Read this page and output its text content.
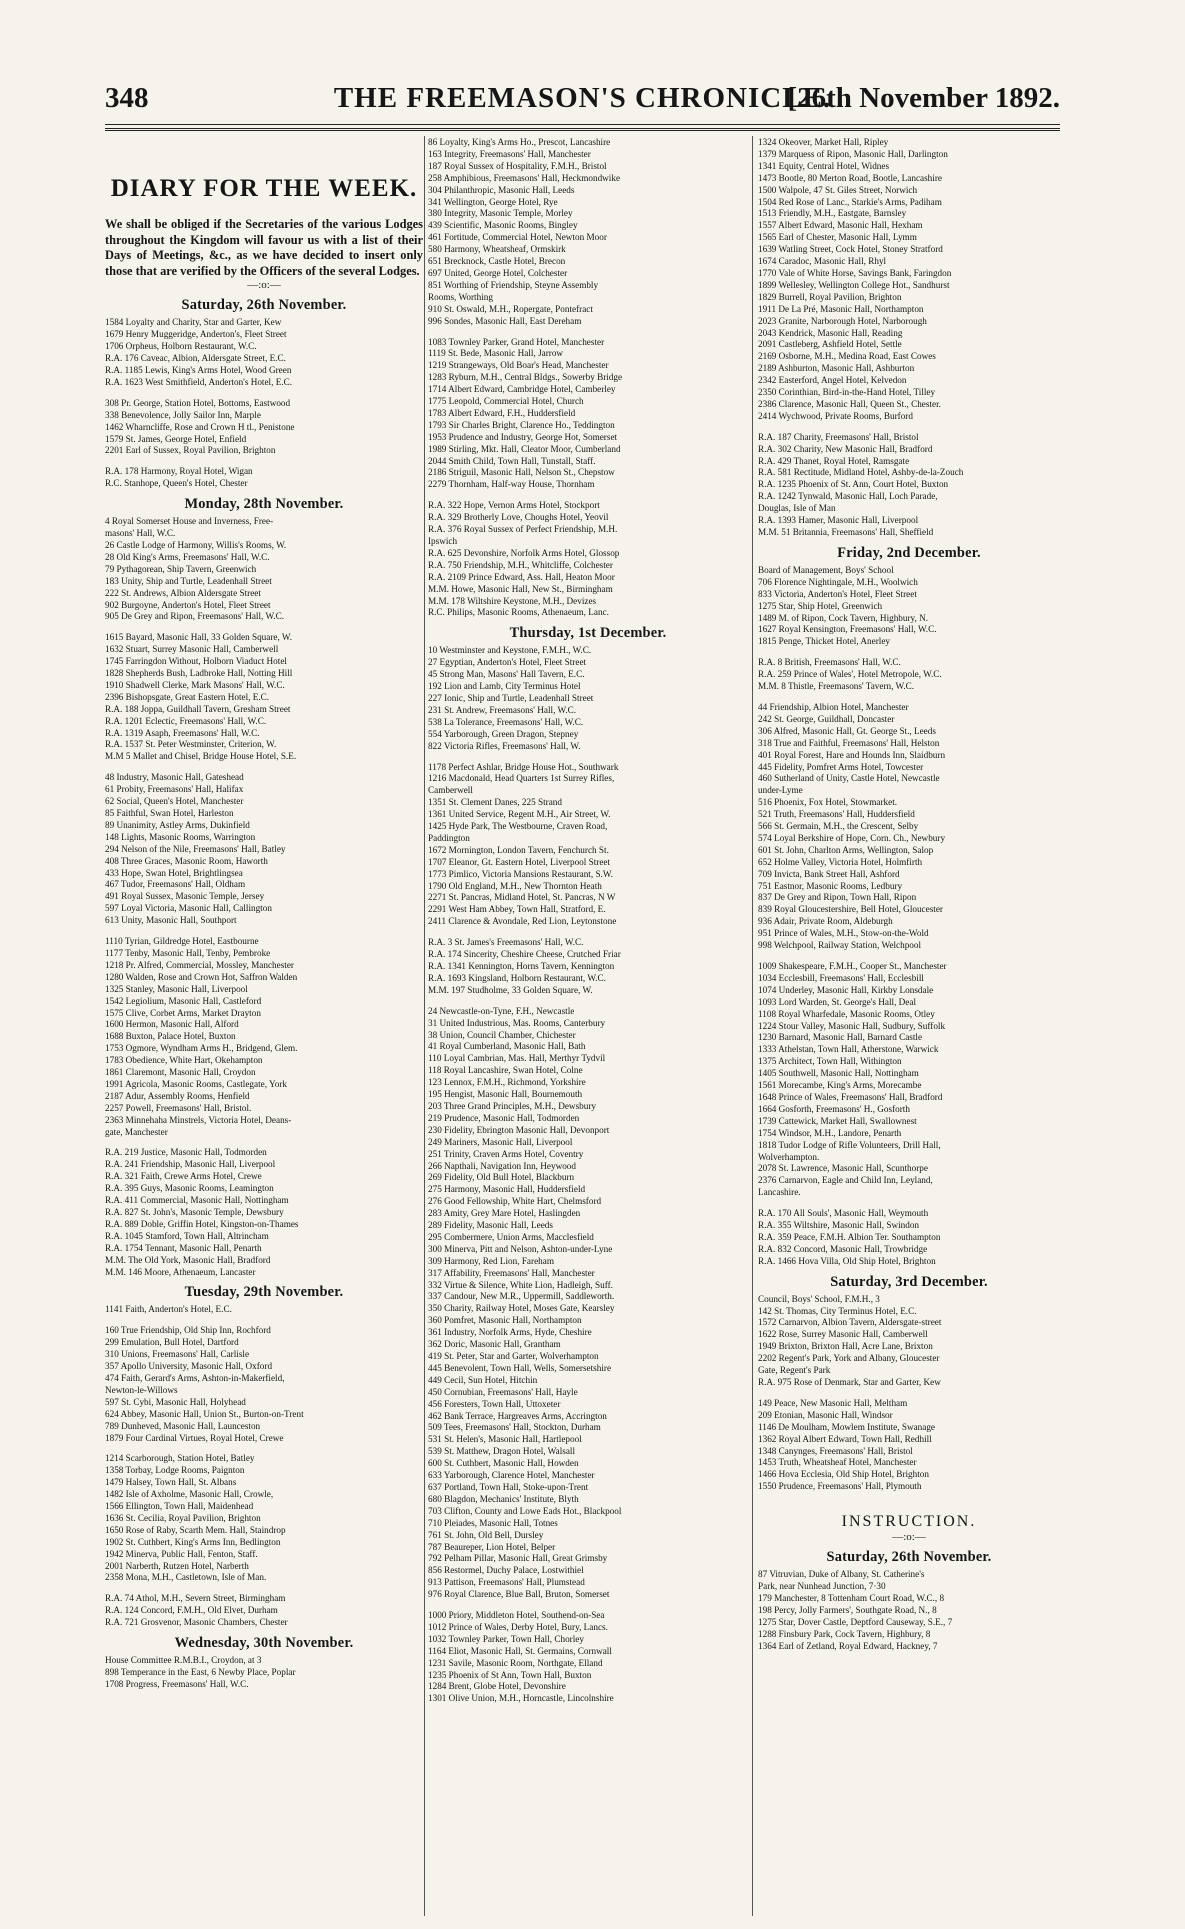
THE FREEMASON'S CHRONICLE.
348	[26th November 1892.
DIARY FOR THE WEEK.
We shall be obliged if the Secretaries of the various Lodges throughout the Kingdom will favour us with a list of their Days of Meetings, &c., as we have decided to insert only those that are verified by the Officers of the several Lodges.
—:o:—
Saturday, 26th November.
1584 Loyalty and Charity, Star and Garter, Kew
1679 Henry Muggeridge, Anderton's, Fleet Street
1706 Orpheus, Holborn Restaurant, W.C.
R.A. 176 Caveac, Albion, Aldersgate Street, E.C.
R.A. 1185 Lewis, King's Arms Hotel, Wood Green
R.A. 1623 West Smithfield, Anderton's Hotel, E.C.
308 Pr. George, Station Hotel, Bottoms, Eastwood
338 Benevolence, Jolly Sailor Inn, Marple
1462 Wharncliffe, Rose and Crown H tl., Penistone
1579 St. James, George Hotel, Enfield
2201 Earl of Sussex, Royal Pavilion, Brighton
R.A. 178 Harmony, Royal Hotel, Wigan
R.C. Stanhope, Queen's Hotel, Chester
Monday, 28th November.
4 Royal Somerset House and Inverness, Free-
masons' Hall, W.C.
26 Castle Lodge of Harmony, Willis's Rooms, W.
28 Old King's Arms, Freemasons' Hall, W.C.
79 Pythagorean, Ship Tavern, Greenwich
183 Unity, Ship and Turtle, Leadenhall Street
222 St. Andrews, Albion Aldersgate Street
902 Burgoyne, Anderton's Hotel, Fleet Street
905 De Grey and Ripon, Freemasons' Hall, W.C.
1615 Bayard, Masonic Hall, 33 Golden Square, W.
1632 Stuart, Surrey Masonic Hall, Camberwell
1745 Farringdon Without, Holborn Viaduct Hotel
1828 Shepherds Bush, Ladbroke Hall, Notting Hill
1910 Shadwell Clerke, Mark Masons' Hall, W.C.
2396 Bishopsgate, Great Eastern Hotel, E.C.
R.A. 188 Joppa, Guildhall Tavern, Gresham Street
R.A. 1201 Eclectic, Freemasons' Hall, W.C.
R.A. 1319 Asaph, Freemasons' Hall, W.C.
R.A. 1537 St. Peter Westminster, Criterion, W.
M.M 5 Mallet and Chisel, Bridge House Hotel, S.E.
48 Industry, Masonic Hall, Gateshead
61 Probity, Freemasons' Hall, Halifax
62 Social, Queen's Hotel, Manchester
85 Faithful, Swan Hotel, Harleston
89 Unanimity, Astley Arms, Dukinfield
148 Lights, Masonic Rooms, Warrington
294 Nelson of the Nile, Freemasons' Hall, Batley
408 Three Graces, Masonic Room, Haworth
433 Hope, Swan Hotel, Brightlingsea
467 Tudor, Freemasons' Hall, Oldham
491 Royal Sussex, Masonic Temple, Jersey
597 Loyal Victoria, Masonic Hall, Callington
613 Unity, Masonic Hall, Southport
1110 Tyrian, Gildredge Hotel, Eastbourne
1177 Tenby, Masonic Hall, Tenby, Pembroke
1218 Pr. Alfred, Commercial, Mossley, Manchester
1280 Walden, Rose and Crown Hot, Saffron Walden
1325 Stanley, Masonic Hall, Liverpool
1542 Legiolium, Masonic Hall, Castleford
1575 Clive, Corbet Arms, Market Drayton
1600 Hermon, Masonic Hall, Alford
1688 Buxton, Palace Hotel, Buxton
1753 Ogmore, Wyndham Arms H., Bridgend, Glem.
1783 Obedience, White Hart, Okehampton
1861 Claremont, Masonic Hall, Croydon
1991 Agricola, Masonic Rooms, Castlegate, York
2187 Adur, Assembly Rooms, Henfield
2257 Powell, Freemasons' Hall, Bristol.
2363 Minnehaha Minstrels, Victoria Hotel, Deans-
gate, Manchester
R.A. 219 Justice, Masonic Hall, Todmorden
R.A. 241 Friendship, Masonic Hall, Liverpool
R.A. 321 Faith, Crewe Arms Hotel, Crewe
R.A. 395 Guys, Masonic Rooms, Leamington
R.A. 411 Commercial, Masonic Hall, Nottingham
R.A. 827 St. John's, Masonic Temple, Dewsbury
R.A. 889 Doble, Griffin Hotel, Kingston-on-Thames
R.A. 1045 Stamford, Town Hall, Altrincham
R.A. 1754 Tennant, Masonic Hall, Penarth
M.M. The Old York, Masonic Hall, Bradford
M.M. 146 Moore, Athenaeum, Lancaster
Tuesday, 29th November.
1141 Faith, Anderton's Hotel, E.C.
160 True Friendship, Old Ship Inn, Rochford
299 Emulation, Bull Hotel, Dartford
310 Unions, Freemasons' Hall, Carlisle
357 Apollo University, Masonic Hall, Oxford
474 Faith, Gerard's Arms, Ashton-in-Makerfield,
Newton-le-Willows
597 St. Cybi, Masonic Hall, Holyhead
624 Abbey, Masonic Hall, Union St., Burton-on-Trent
789 Dunheved, Masonic Hall, Launceston
1879 Four Cardinal Virtues, Royal Hotel, Crewe
1214 Scarborough, Station Hotel, Batley
1358 Torbay, Lodge Rooms, Paignton
1479 Halsey, Town Hall, St. Albans
1482 Isle of Axholme, Masonic Hall, Crowle,
1566 Ellington, Town Hall, Maidenhead
1636 St. Cecilia, Royal Pavilion, Brighton
1650 Rose of Raby, Scarth Mem. Hall, Staindrop
1902 St. Cuthbert, King's Arms Inn, Bedlington
1942 Minerva, Public Hall, Fenton, Staff.
2001 Narberth, Rutzen Hotel, Narberth
2358 Mona, M.H., Castletown, Isle of Man.
R.A. 74 Athol, M.H., Severn Street, Birmingham
R.A. 124 Concord, F.M.H., Old Elvet, Durham
R.A. 721 Grosvenor, Masonic Chambers, Chester
Wednesday, 30th November.
House Committee R.M.B.I., Croydon, at 3
898 Temperance in the East, 6 Newby Place, Poplar
1708 Progress, Freemasons' Hall, W.C.
86 Loyalty, King's Arms Ho., Prescot, Lancashire
163 Integrity, Freemasons' Hall, Manchester
187 Royal Sussex of Hospitality, F.M.H., Bristol
258 Amphibious, Freemasons' Hall, Heckmondwike
304 Philanthropic, Masonic Hall, Leeds
341 Wellington, George Hotel, Rye
380 Integrity, Masonic Temple, Morley
439 Scientific, Masonic Rooms, Bingley
461 Fortitude, Commercial Hotel, Newton Moor
580 Harmony, Wheatsheaf, Ormskirk
651 Brecknock, Castle Hotel, Brecon
697 United, George Hotel, Colchester
851 Worthing of Friendship, Steyne Assembly
Rooms, Worthing
910 St. Oswald, M.H., Ropergate, Pontefract
996 Sondes, Masonic Hall, East Dereham
1083 Townley Parker, Grand Hotel, Manchester
1119 St. Bede, Masonic Hall, Jarrow
1219 Strangeways, Old Boar's Head, Manchester
1283 Ryburn, M.H., Central Bldgs., Sowerby Bridge
1714 Albert Edward, Cambridge Hotel, Camberley
1775 Leopold, Commercial Hotel, Church
1783 Albert Edward, F.H., Huddersfield
1793 Sir Charles Bright, Clarence Ho., Teddington
1953 Prudence and Industry, George Hot, Somerset
1989 Stirling, Mkt. Hall, Cleator Moor, Cumberland
2044 Smith Child, Town Hall, Tunstall, Staff.
2186 Striguil, Masonic Hall, Nelson St., Chepstow
2279 Thornham, Half-way House, Thornham
R.A. 322 Hope, Vernon Arms Hotel, Stockport
R.A. 329 Brotherly Love, Choughs Hotel, Yeovil
R.A. 376 Royal Sussex of Perfect Friendship, M.H.
Ipswich
R.A. 625 Devonshire, Norfolk Arms Hotel, Glossop
R.A. 750 Friendship, M.H., Whitcliffe, Colchester
R.A. 2109 Prince Edward, Ass. Hall, Heaton Moor
M.M. Howe, Masonic Hall, New St., Birmingham
M.M. 178 Wiltshire Keystone, M.H., Devizes
R.C. Philips, Masonic Rooms, Athenaeum, Lanc.
Thursday, 1st December.
10 Westminster and Keystone, F.M.H., W.C.
27 Egyptian, Anderton's Hotel, Fleet Street
45 Strong Man, Masons' Hall Tavern, E.C.
192 Lion and Lamb, City Terminus Hotel
227 Ionic, Ship and Turtle, Leadenhall Street
231 St. Andrew, Freemasons' Hall, W.C.
538 La Tolerance, Freemasons' Hall, W.C.
554 Yarborough, Green Dragon, Stepney
822 Victoria Rifles, Freemasons' Hall, W.
1178 Perfect Ashlar, Bridge House Hot., Southwark
1216 Macdonald, Head Quarters 1st Surrey Rifles,
Camberwell
1351 St. Clement Danes, 225 Strand
1361 United Service, Regent M.H., Air Street, W.
1425 Hyde Park, The Westbourne, Craven Road,
Paddington
1672 Mornington, London Tavern, Fenchurch St.
1707 Eleanor, Gt. Eastern Hotel, Liverpool Street
1773 Pimlico, Victoria Mansions Restaurant, S.W.
1790 Old England, M.H., New Thornton Heath
2271 St. Pancras, Midland Hotel, St. Pancras, N W
2291 West Ham Abbey, Town Hall, Stratford, E.
2411 Clarence & Avondale, Red Lion, Leytonstone
R.A. 3 St. James's Freemasons' Hall, W.C.
R.A. 174 Sincerity, Cheshire Cheese, Crutched Friar
R.A. 1341 Kennington, Horns Tavern, Kennington
R.A. 1693 Kingsland, Holborn Restaurant, W.C.
M.M. 197 Studholme, 33 Golden Square, W.
24 Newcastle-on-Tyne, F.H., Newcastle
31 United Industrious, Mas. Rooms, Canterbury
38 Union, Council Chamber, Chichester
41 Royal Cumberland, Masonic Hall, Bath
110 Loyal Cambrian, Mas. Hall, Merthyr Tydvil
118 Royal Lancashire, Swan Hotel, Colne
123 Lennox, F.M.H., Richmond, Yorkshire
195 Hengist, Masonic Hall, Bournemouth
203 Three Grand Principles, M.H., Dewsbury
219 Prudence, Masonic Hall, Todmorden
230 Fidelity, Ebrington Masonic Hall, Devonport
249 Mariners, Masonic Hall, Liverpool
251 Trinity, Craven Arms Hotel, Coventry
266 Napthali, Navigation Inn, Heywood
269 Fidelity, Old Bull Hotel, Blackburn
275 Harmony, Masonic Hall, Huddersfield
276 Good Fellowship, White Hart, Chelmsford
283 Amity, Grey Mare Hotel, Haslingden
289 Fidelity, Masonic Hall, Leeds
295 Combermere, Union Arms, Macclesfield
300 Minerva, Pitt and Nelson, Ashton-under-Lyne
309 Harmony, Red Lion, Fareham
317 Affability, Freemasons' Hall, Manchester
332 Virtue & Silence, White Lion, Hadleigh, Suff.
337 Candour, New M.R., Uppermill, Saddleworth.
350 Charity, Railway Hotel, Moses Gate, Kearsley
360 Pomfret, Masonic Hall, Northampton
361 Industry, Norfolk Arms, Hyde, Cheshire
362 Doric, Masonic Hall, Grantham
419 St. Peter, Star and Garter, Wolverhampton
445 Benevolent, Town Hall, Wells, Somersetshire
449 Cecil, Sun Hotel, Hitchin
450 Cornubian, Freemasons' Hall, Hayle
456 Foresters, Town Hall, Uttoxeter
462 Bank Terrace, Hargreaves Arms, Accrington
509 Tees, Freemasons' Hall, Stockton, Durham
531 St. Helen's, Masonic Hall, Hartlepool
539 St. Matthew, Dragon Hotel, Walsall
600 St. Cuthbert, Masonic Hall, Howden
633 Yarborough, Clarence Hotel, Manchester
637 Portland, Town Hall, Stoke-upon-Trent
680 Blagdon, Mechanics' Institute, Blyth
703 Clifton, County and Lowe Eads Hot., Blackpool
710 Pleiades, Masonic Hall, Totnes
761 St. John, Old Bell, Dursley
787 Beaureper, Lion Hotel, Belper
792 Pelham Pillar, Masonic Hall, Great Grimsby
856 Restormel, Duchy Palace, Lostwithiel
913 Pattison, Freemasons' Hall, Plumstead
976 Royal Clarence, Blue Ball, Bruton, Somerset
1000 Priory, Middleton Hotel, Southend-on-Sea
1012 Prince of Wales, Derby Hotel, Bury, Lancs.
1032 Townley Parker, Town Hall, Chorley
1164 Eliot, Masonic Hall, St. Germains, Cornwall
1231 Savile, Masonic Room, Northgate, Elland
1235 Phoenix of St Ann, Town Hall, Buxton
1284 Brent, Globe Hotel, Devonshire
1301 Olive Union, M.H., Horncastle, Lincolnshire
1324 Okeover, Market Hall, Ripley
1379 Marquess of Ripon, Masonic Hall, Darlington
1341 Equity, Central Hotel, Widnes
1473 Bootle, 80 Merton Road, Bootle, Lancashire
1500 Walpole, 47 St. Giles Street, Norwich
1504 Red Rose of Lanc., Starkie's Arms, Padiham
1513 Friendly, M.H., Eastgate, Barnsley
1557 Albert Edward, Masonic Hall, Hexham
1565 Earl of Chester, Masonic Hall, Lymm
1639 Watling Street, Cock Hotel, Stoney Stratford
1674 Caradoc, Masonic Hall, Rhyl
1770 Vale of White Horse, Savings Bank, Faringdon
1899 Wellesley, Wellington College Hot., Sandhurst
1829 Burrell, Royal Pavilion, Brighton
1911 De La Pré, Masonic Hall, Northampton
2023 Granite, Narborough Hotel, Narborough
2043 Kendrick, Masonic Hall, Reading
2091 Castleberg, Ashfield Hotel, Settle
2169 Osborne, M.H., Medina Road, East Cowes
2189 Ashburton, Masonic Hall, Ashburton
2342 Easterford, Angel Hotel, Kelvedon
2350 Corinthian, Bird-in-the-Hand Hotel, Tilley
2386 Clarence, Masonic Hall, Queen St., Chester.
2414 Wychwood, Private Rooms, Burford
R.A. 187 Charity, Freemasons' Hall, Bristol
R.A. 302 Charity, New Masonic Hall, Bradford
R.A. 429 Thanet, Royal Hotel, Ramsgate
R.A. 581 Rectitude, Midland Hotel, Ashby-de-la-Zouch
R.A. 1235 Phoenix of St. Ann, Court Hotel, Buxton
R.A. 1242 Tynwald, Masonic Hall, Loch Parade,
Douglas, Isle of Man
R.A. 1393 Hamer, Masonic Hall, Liverpool
M.M. 51 Britannia, Freemasons' Hall, Sheffield
Friday, 2nd December.
Board of Management, Boys' School
706 Florence Nightingale, M.H., Woolwich
833 Victoria, Anderton's Hotel, Fleet Street
1275 Star, Ship Hotel, Greenwich
1489 M. of Ripon, Cock Tavern, Highbury, N.
1627 Royal Kensington, Freemasons' Hall, W.C.
1815 Penge, Thicket Hotel, Anerley
R.A. 8 British, Freemasons' Hall, W.C.
R.A. 259 Prince of Wales', Hotel Metropole, W.C.
M.M. 8 Thistle, Freemasons' Tavern, W.C.
44 Friendship, Albion Hotel, Manchester
242 St. George, Guildhall, Doncaster
306 Alfred, Masonic Hall, Gt. George St., Leeds
318 True and Faithful, Freemasons' Hall, Helston
401 Royal Forest, Hare and Hounds Inn, Slaidburn
445 Fidelity, Pomfret Arms Hotel, Towcester
460 Sutherland of Unity, Castle Hotel, Newcastle
under-Lyme
516 Phoenix, Fox Hotel, Stowmarket.
521 Truth, Freemasons' Hall, Huddersfield
566 St. Germain, M.H., the Crescent, Selby
574 Loyal Berkshire of Hope, Corn. Ch., Newbury
601 St. John, Charlton Arms, Wellington, Salop
652 Holme Valley, Victoria Hotel, Holmfirth
709 Invicta, Bank Street Hall, Ashford
751 Eastnor, Masonic Rooms, Ledbury
837 De Grey and Ripon, Town Hall, Ripon
839 Royal Gloucestershire, Bell Hotel, Gloucester
936 Adair, Private Room, Aldeburgh
951 Prince of Wales, M.H., Stow-on-the-Wold
998 Welchpool, Railway Station, Welchpool
1009 Shakespeare, F.M.H., Cooper St., Manchester
1034 Ecclesbill, Freemasons' Hall, Ecclesbill
1074 Underley, Masonic Hall, Kirkby Lonsdale
1093 Lord Warden, St. George's Hall, Deal
1108 Royal Wharfedale, Masonic Rooms, Otley
1224 Stour Valley, Masonic Hall, Sudbury, Suffolk
1230 Barnard, Masonic Hall, Barnard Castle
1333 Athelstan, Town Hall, Atherstone, Warwick
1375 Architect, Town Hall, Withington
1405 Southwell, Masonic Hall, Nottingham
1561 Morecambe, King's Arms, Morecambe
1648 Prince of Wales, Freemasons' Hall, Bradford
1664 Gosforth, Freemasons' H., Gosforth
1739 Cattewick, Market Hall, Swallownest
1754 Windsor, M.H., Landore, Penarth
1818 Tudor Lodge of Rifle Volunteers, Drill Hall,
Wolverhampton.
2078 St. Lawrence, Masonic Hall, Scunthorpe
2376 Carnarvon, Eagle and Child Inn, Leyland,
Lancashire.
R.A. 170 All Souls', Masonic Hall, Weymouth
R.A. 355 Wiltshire, Masonic Hall, Swindon
R.A. 359 Peace, F.M.H. Albion Ter. Southampton
R.A. 832 Concord, Masonic Hall, Trowbridge
R.A. 1466 Hova Villa, Old Ship Hotel, Brighton
Saturday, 3rd December.
Council, Boys' School, F.M.H., 3
142 St. Thomas, City Terminus Hotel, E.C.
1572 Carnarvon, Albion Tavern, Aldersgate-street
1622 Rose, Surrey Masonic Hall, Camberwell
1949 Brixton, Brixton Hall, Acre Lane, Brixton
2202 Regent's Park, York and Albany, Gloucester
Gate, Regent's Park
R.A. 975 Rose of Denmark, Star and Garter, Kew
149 Peace, New Masonic Hall, Meltham
209 Etonian, Masonic Hall, Windsor
1146 De Moulham, Mowlem Institute, Swanage
1362 Royal Albert Edward, Town Hall, Redhill
1348 Canynges, Freemasons' Hall, Bristol
1453 Truth, Wheatsheaf Hotel, Manchester
1466 Hova Ecclesia, Old Ship Hotel, Brighton
1550 Prudence, Freemasons' Hall, Plymouth
INSTRUCTION.
—:o:—
Saturday, 26th November.
87 Vitruvian, Duke of Albany, St. Catherine's
Park, near Nunhead Junction, 7·30
179 Manchester, 8 Tottenham Court Road, W.C., 8
198 Percy, Jolly Farmers', Southgate Road, N., 8
1275 Star, Dover Castle, Deptford Causeway, S.E., 7
1288 Finsbury Park, Cock Tavern, Highbury, 8
1364 Earl of Zetland, Royal Edward, Hackney, 7
